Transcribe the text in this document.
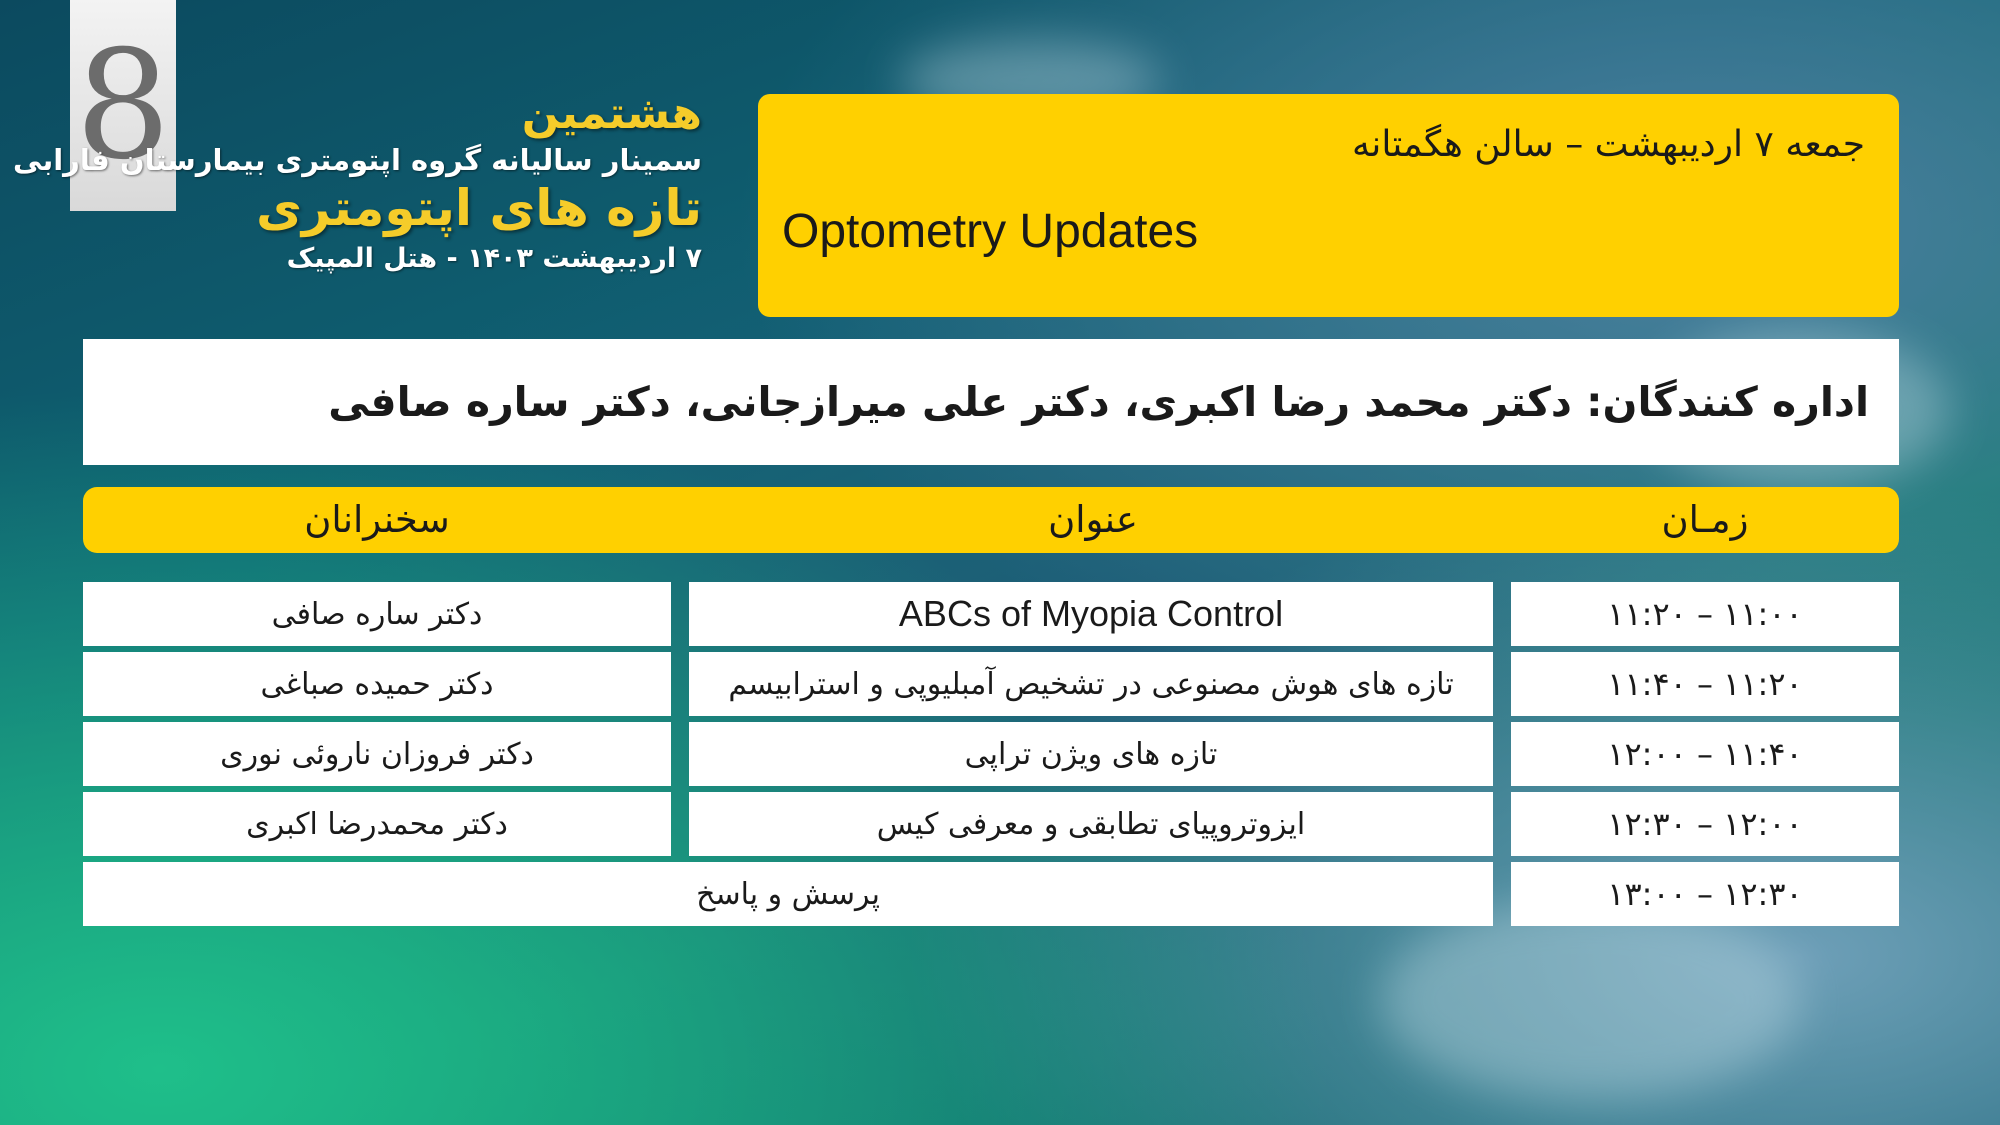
8	هشتمین
سمینار سالیانه گروه اپتومتری بیمارستان فارابی
تازه های اپتومتری
۷ اردیبهشت ۱۴۰۳ - هتل المپیک
جمعه ۷ اردیبهشت – سالن هگمتانه
Optometry Updates
اداره کنندگان: دکتر محمد رضا اکبری، دکتر علی میرازجانی، دکتر ساره صافی
زمـان
عنوان
سخنرانان
۱۱:۰۰ – ۱۱:۲۰
ABCs of Myopia Control
دکتر ساره صافی
۱۱:۲۰ – ۱۱:۴۰
تازه های هوش مصنوعی در تشخیص آمبلیوپی و استرابیسم
دکتر حمیده صباغی
۱۱:۴۰ – ۱۲:۰۰
تازه های ویژن تراپی
دکتر فروزان ناروئی نوری
۱۲:۰۰ – ۱۲:۳۰
ایزوتروپیای تطابقی و معرفی کیس
دکتر محمدرضا اکبری
۱۲:۳۰ – ۱۳:۰۰
پرسش و پاسخ
